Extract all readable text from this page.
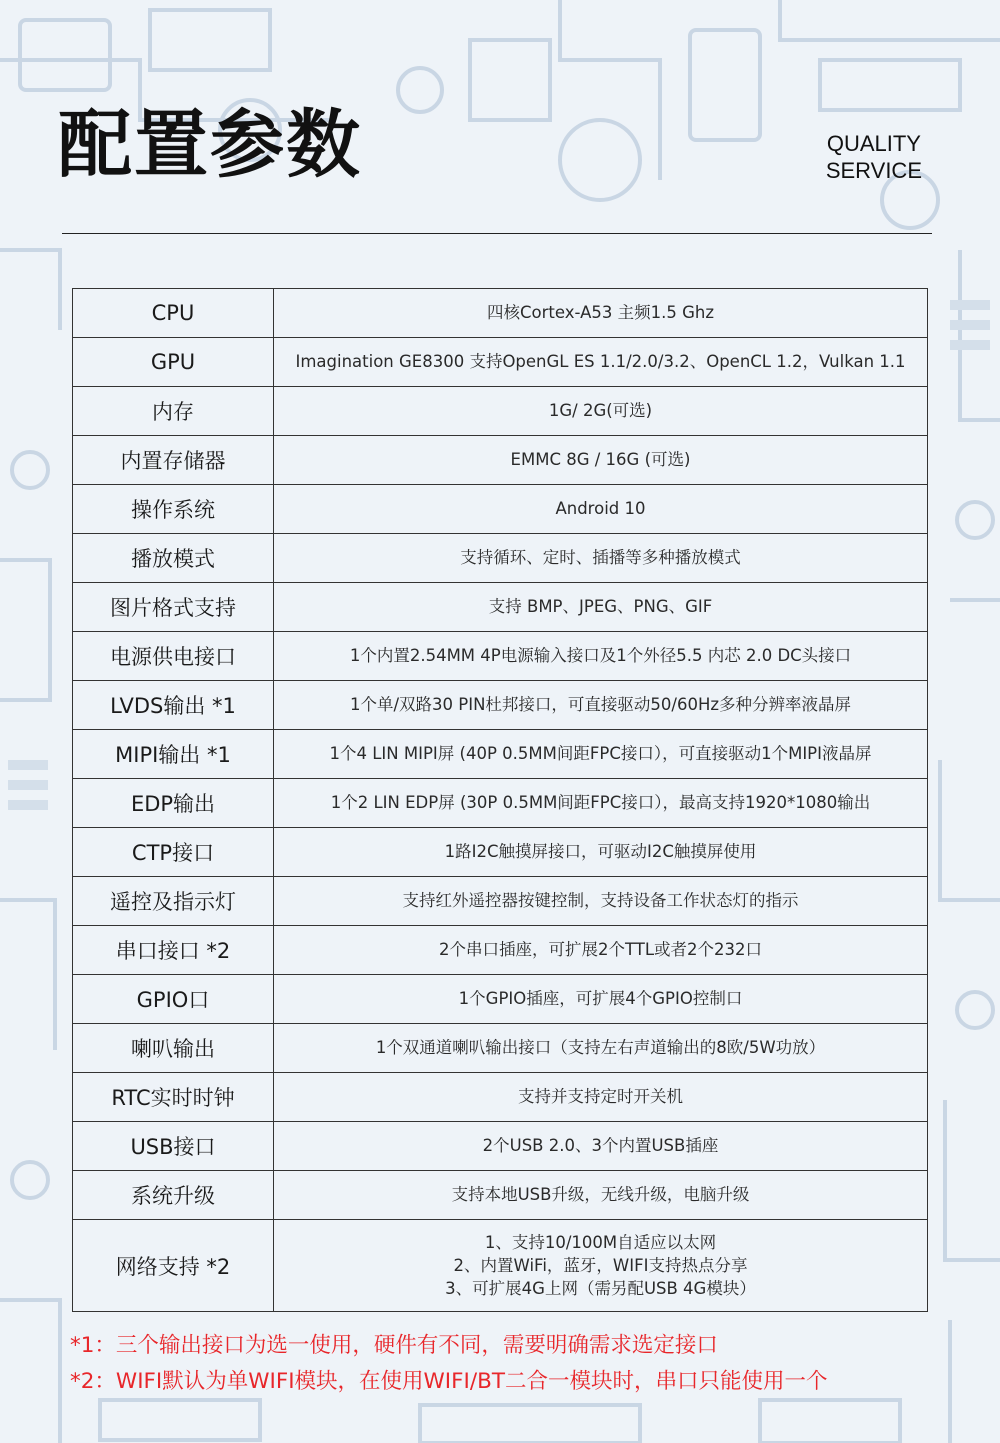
配置参数	QUALITY
SERVICE
CPU	四核Cortex-A53 主频1.5 Ghz
GPU	Imagination GE8300 支持OpenGL ES 1.1/2.0/3.2、OpenCL 1.2，Vulkan 1.1
内存	1G/ 2G(可选)
内置存储器	EMMC 8G / 16G (可选)
操作系统	Android 10
播放模式	支持循环、定时、插播等多种播放模式
图片格式支持	支持 BMP、JPEG、PNG、GIF
电源供电接口	1个内置2.54MM 4P电源输入接口及1个外径5.5 内芯 2.0 DC头接口
LVDS输出 *1	1个单/双路30 PIN杜邦接口，可直接驱动50/60Hz多种分辨率液晶屏
MIPI输出 *1	1个4 LIN MIPI屏 (40P 0.5MM间距FPC接口），可直接驱动1个MIPI液晶屏
EDP输出	1个2 LIN EDP屏 (30P 0.5MM间距FPC接口），最高支持1920*1080输出
CTP接口	1路I2C触摸屏接口，可驱动I2C触摸屏使用
遥控及指示灯	支持红外遥控器按键控制，支持设备工作状态灯的指示
串口接口 *2	2个串口插座，可扩展2个TTL或者2个232口
GPIO口	1个GPIO插座，可扩展4个GPIO控制口
喇叭输出	1个双通道喇叭输出接口（支持左右声道输出的8欧/5W功放）
RTC实时时钟	支持并支持定时开关机
USB接口	2个USB 2.0、3个内置USB插座
系统升级	支持本地USB升级，无线升级，电脑升级
网络支持 *2	1、支持10/100M自适应以太网
2、内置WiFi，蓝牙，WIFI支持热点分享
3、可扩展4G上网（需另配USB 4G模块）
*1：三个输出接口为选一使用，硬件有不同，需要明确需求选定接口
*2：WIFI默认为单WIFI模块，在使用WIFI/BT二合一模块时，串口只能使用一个
